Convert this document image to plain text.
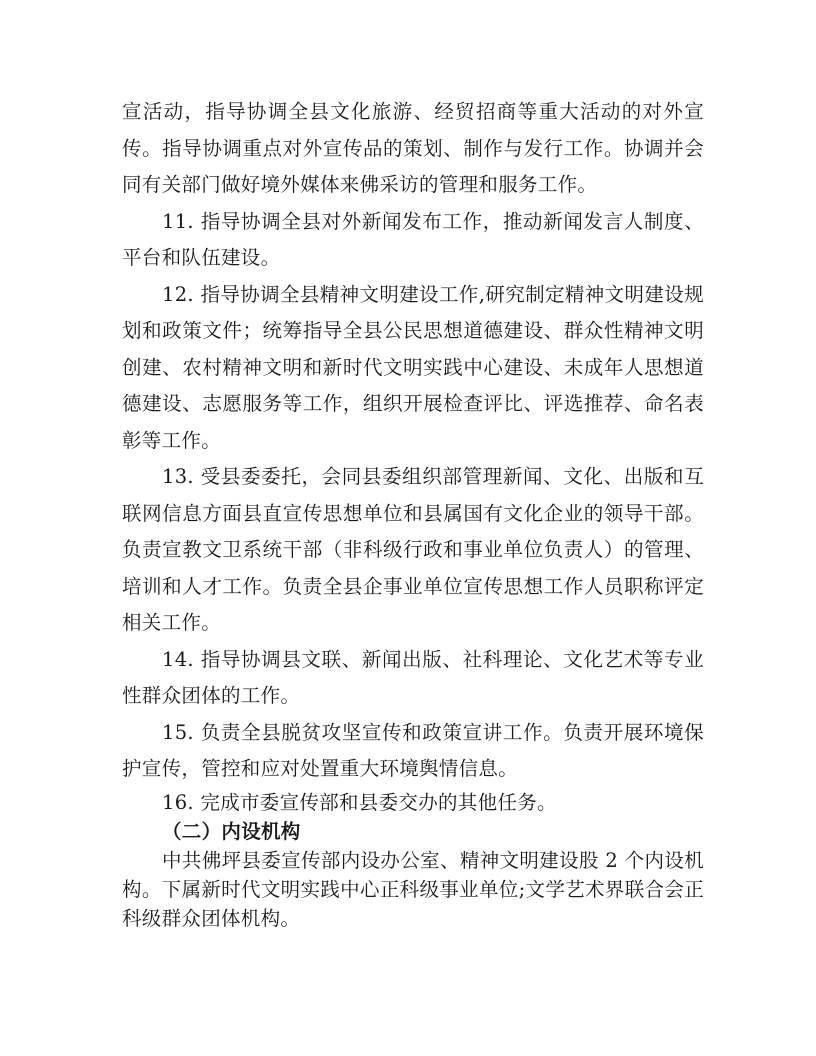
宣活动，指导协调全县文化旅游、经贸招商等重大活动的对外宣传。指导协调重点对外宣传品的策划、制作与发行工作。协调并会同有关部门做好境外媒体来佛采访的管理和服务工作。

11. 指导协调全县对外新闻发布工作，推动新闻发言人制度、平台和队伍建设。

12. 指导协调全县精神文明建设工作,研究制定精神文明建设规划和政策文件；统筹指导全县公民思想道德建设、群众性精神文明创建、农村精神文明和新时代文明实践中心建设、未成年人思想道德建设、志愿服务等工作，组织开展检查评比、评选推荐、命名表彰等工作。

13. 受县委委托，会同县委组织部管理新闻、文化、出版和互联网信息方面县直宣传思想单位和县属国有文化企业的领导干部。负责宣教文卫系统干部（非科级行政和事业单位负责人）的管理、培训和人才工作。负责全县企事业单位宣传思想工作人员职称评定相关工作。

14. 指导协调县文联、新闻出版、社科理论、文化艺术等专业性群众团体的工作。

15. 负责全县脱贫攻坚宣传和政策宣讲工作。负责开展环境保护宣传，管控和应对处置重大环境舆情信息。

16. 完成市委宣传部和县委交办的其他任务。

（二）内设机构

中共佛坪县委宣传部内设办公室、精神文明建设股 2 个内设机构。下属新时代文明实践中心正科级事业单位;文学艺术界联合会正科级群众团体机构。
